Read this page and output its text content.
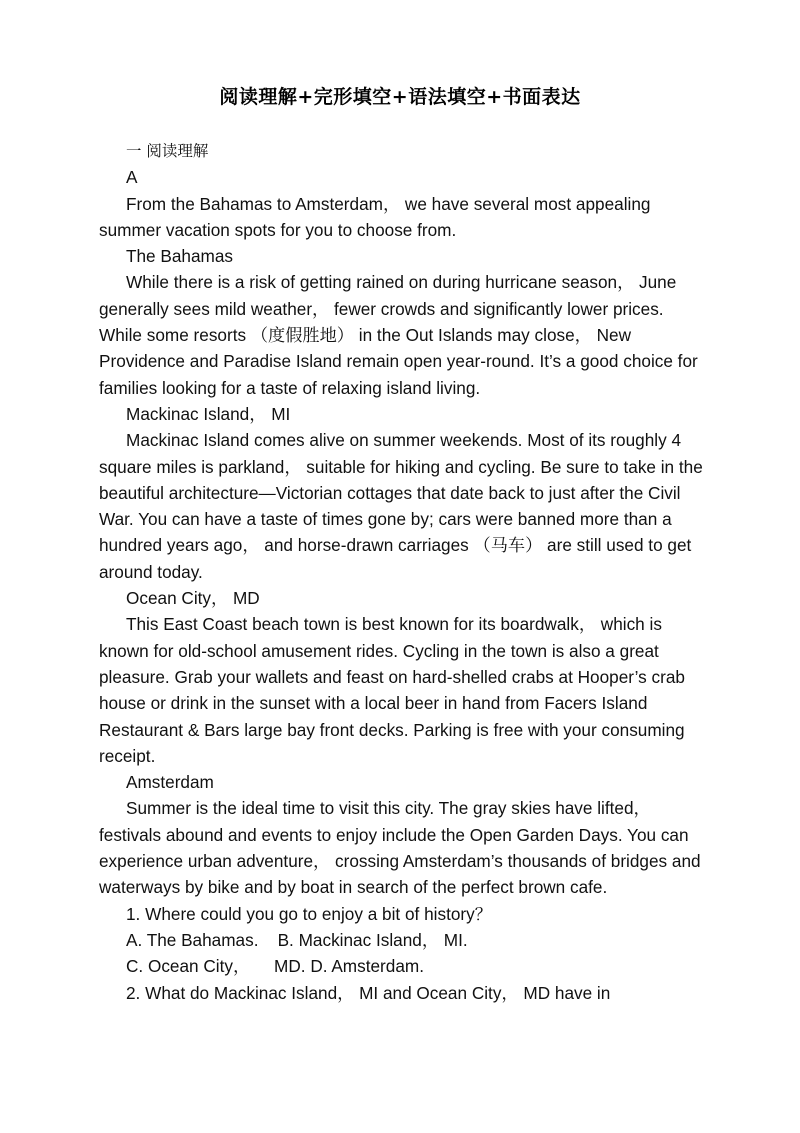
阅读理解+完形填空+语法填空+书面表达

一 阅读理解

A

From the Bahamas to Amsterdam， we have several most appealing summer vacation spots for you to choose from.

The Bahamas

While there is a risk of getting rained on during hurricane season， June generally sees mild weather， fewer crowds and significantly lower prices. While some resorts （度假胜地） in the Out Islands may close， New Providence and Paradise Island remain open year-round. It’s a good choice for families looking for a taste of relaxing island living.

Mackinac Island， MI

Mackinac Island comes alive on summer weekends. Most of its roughly 4 square miles is parkland， suitable for hiking and cycling. Be sure to take in the beautiful architecture—Victorian cottages that date back to just after the Civil War. You can have a taste of times gone by; cars were banned more than a hundred years ago， and horse-drawn carriages （马车） are still used to get around today.

Ocean City， MD

This East Coast beach town is best known for its boardwalk， which is known for old-school amusement rides. Cycling in the town is also a great pleasure. Grab your wallets and feast on hard-shelled crabs at Hooper’s crab house or drink in the sunset with a local beer in hand from Facers Island Restaurant & Bars large bay front decks. Parking is free with your consuming receipt.

Amsterdam

Summer is the ideal time to visit this city. The gray skies have lifted， festivals abound and events to enjoy include the Open Garden Days. You can experience urban adventure， crossing Amsterdam’s thousands of bridges and waterways by bike and by boat in search of the perfect brown cafe.

1. Where could you go to enjoy a bit of history？

A. The Bahamas.    B. Mackinac Island， MI.

C. Ocean City，     MD. D. Amsterdam.

2. What do Mackinac Island， MI and Ocean City， MD have in
